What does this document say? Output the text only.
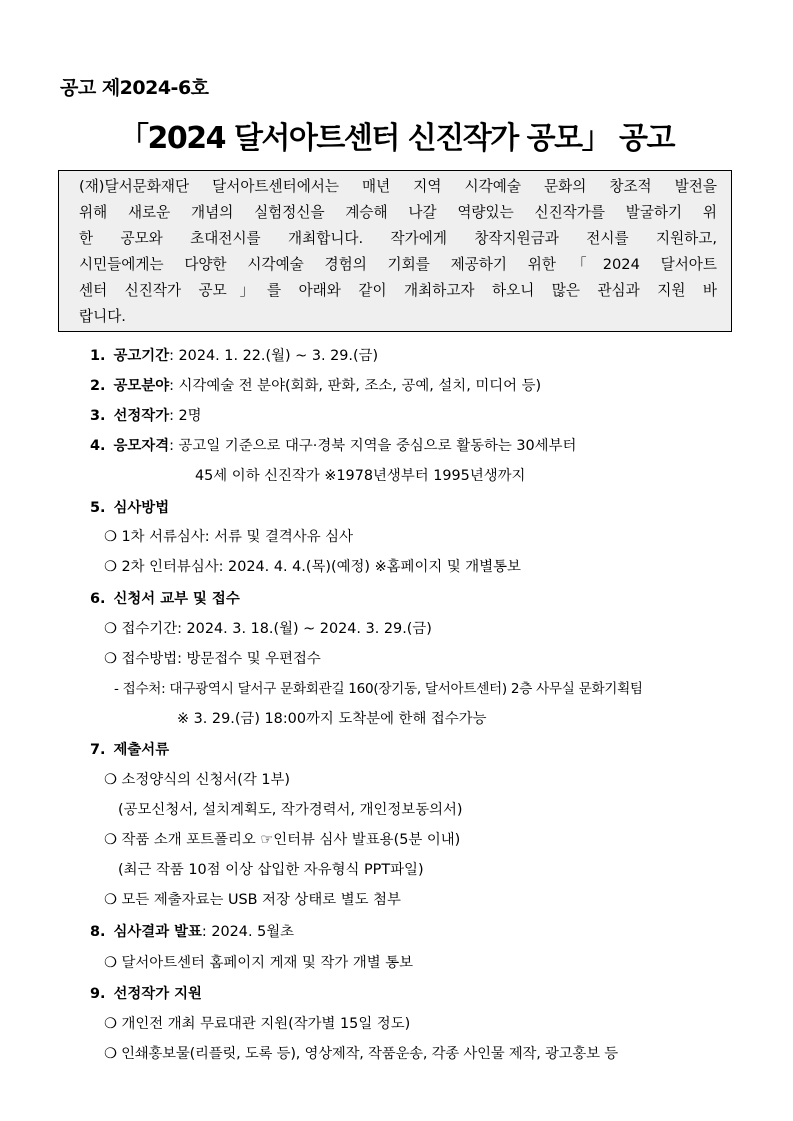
공고 제2024-6호
「2024 달서아트센터 신진작가 공모」 공고
(재)달서문화재단 달서아트센터에서는 매년 지역 시각예술 문화의 창조적 발전을
위해 새로운 개념의 실험정신을 계승해 나갈 역량있는 신진작가를 발굴하기 위
한 공모와 초대전시를 개최합니다. 작가에게 창작지원금과 전시를 지원하고,
시민들에게는 다양한 시각예술 경험의 기회를 제공하기 위한「2024 달서아트
센터 신진작가 공모」를 아래와 같이 개최하고자 하오니 많은 관심과 지원 바
랍니다.
1. 공고기간: 2024. 1. 22.(월) ~ 3. 29.(금)
2. 공모분야: 시각예술 전 분야(회화, 판화, 조소, 공예, 설치, 미디어 등)
3. 선정작가: 2명
4. 응모자격: 공고일 기준으로 대구·경북 지역을 중심으로 활동하는 30세부터
45세 이하 신진작가 ※1978년생부터 1995년생까지
5. 심사방법
❍ 1차 서류심사: 서류 및 결격사유 심사
❍ 2차 인터뷰심사: 2024. 4. 4.(목)(예정) ※홈페이지 및 개별통보
6. 신청서 교부 및 접수
❍ 접수기간: 2024. 3. 18.(월) ~ 2024. 3. 29.(금)
❍ 접수방법: 방문접수 및 우편접수
- 접수처: 대구광역시 달서구 문화회관길 160(장기동, 달서아트센터) 2층 사무실 문화기획팀
※ 3. 29.(금) 18:00까지 도착분에 한해 접수가능
7. 제출서류
❍ 소정양식의 신청서(각 1부)
(공모신청서, 설치계획도, 작가경력서, 개인정보동의서)
❍ 작품 소개 포트폴리오 ☞인터뷰 심사 발표용(5분 이내)
(최근 작품 10점 이상 삽입한 자유형식 PPT파일)
❍ 모든 제출자료는 USB 저장 상태로 별도 첨부
8. 심사결과 발표: 2024. 5월초
❍ 달서아트센터 홈페이지 게재 및 작가 개별 통보
9. 선정작가 지원
❍ 개인전 개최 무료대관 지원(작가별 15일 정도)
❍ 인쇄홍보물(리플릿, 도록 등), 영상제작, 작품운송, 각종 사인물 제작, 광고홍보 등
